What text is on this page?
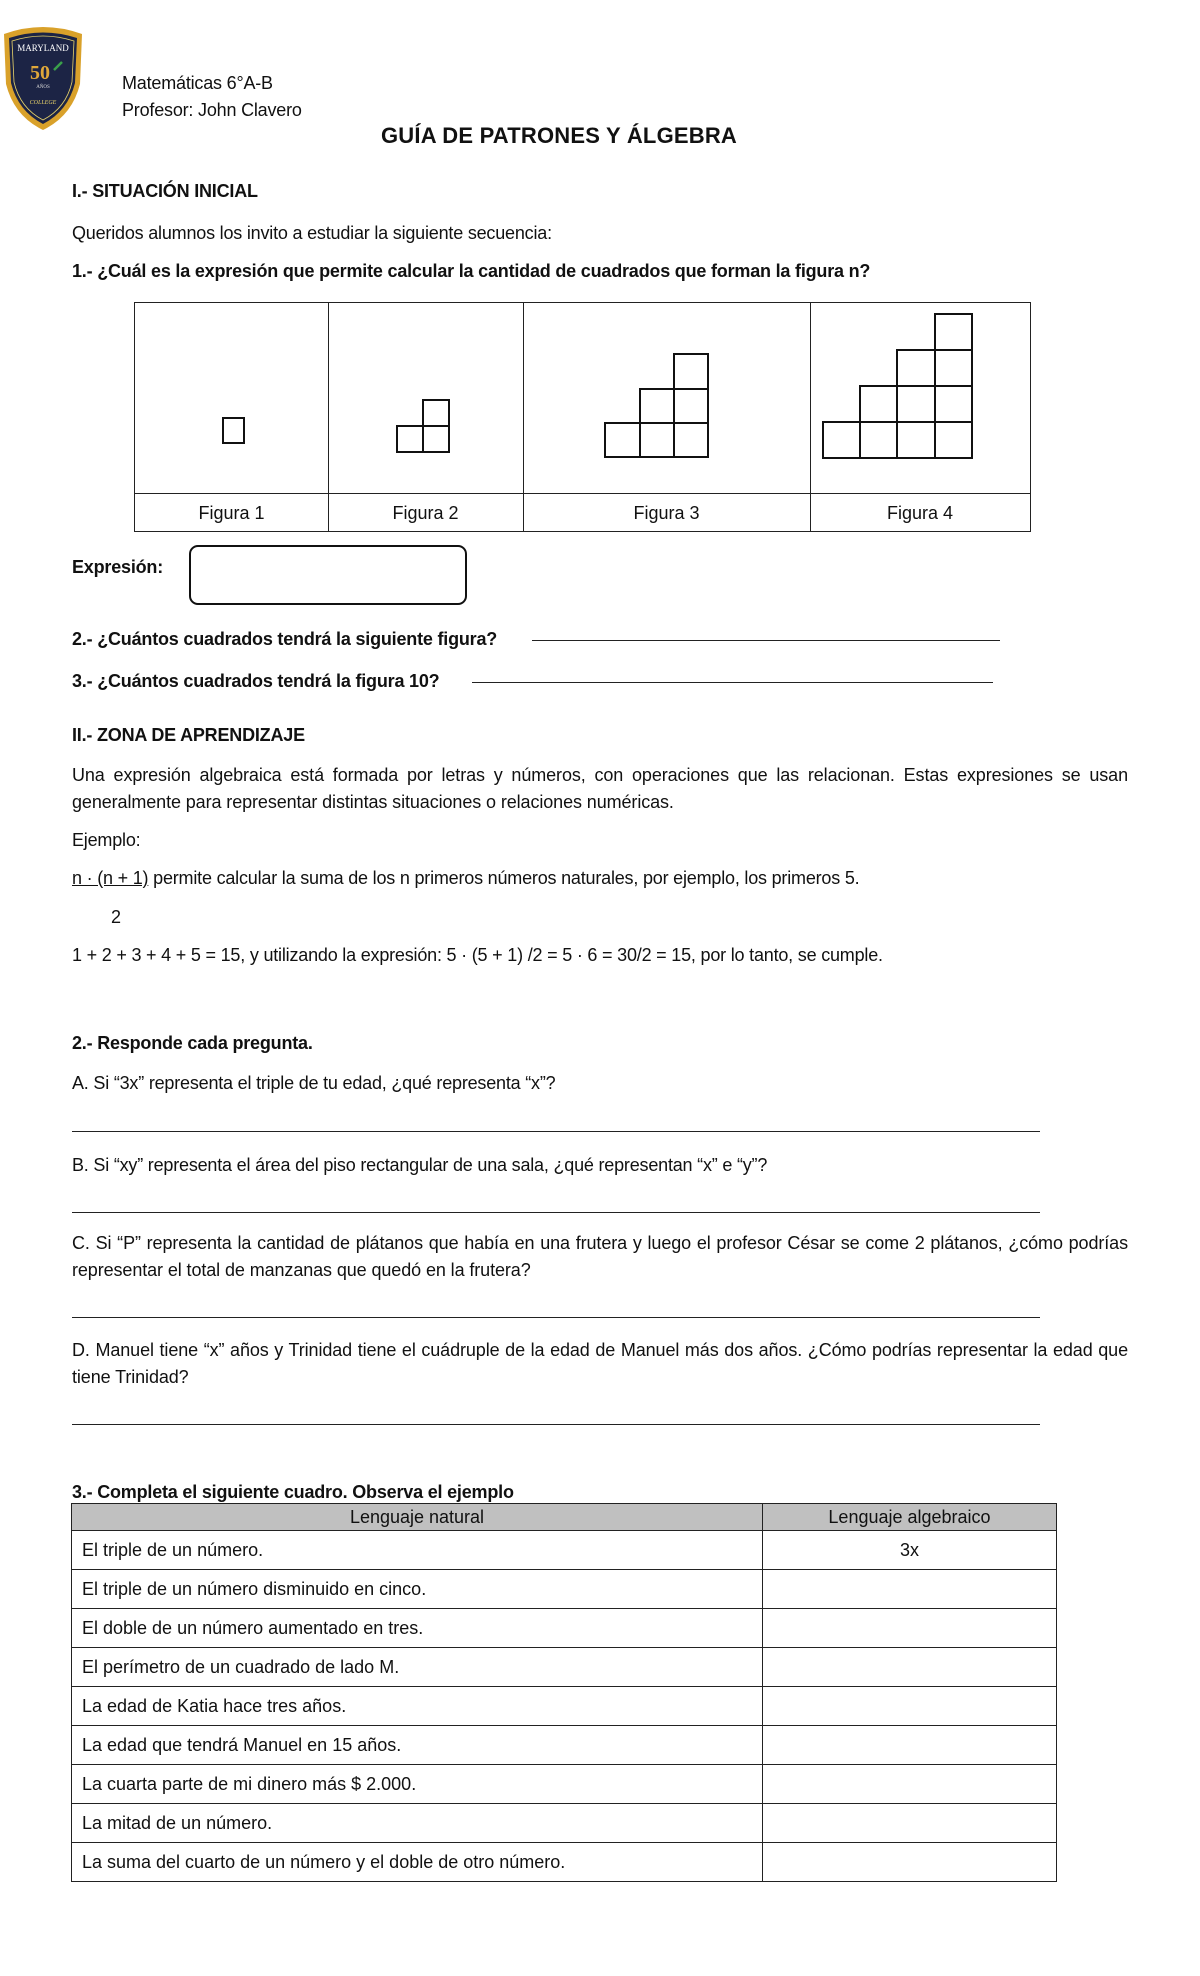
MARYLAND
50
AÑOS
COLLEGE
Matemáticas 6°A-B
Profesor: John Clavero
GUÍA DE PATRONES Y ÁLGEBRA
I.- SITUACIÓN INICIAL
Queridos alumnos los invito a estudiar la siguiente secuencia:
1.- ¿Cuál es la expresión que permite calcular la cantidad de cuadrados que forman la figura n?
Figura 1	Figura 2	Figura 3	Figura 4
Expresión:
2.- ¿Cuántos cuadrados tendrá la siguiente figura?
3.- ¿Cuántos cuadrados tendrá la figura 10?
II.- ZONA DE APRENDIZAJE
Una expresión algebraica está formada por letras y números, con operaciones que las relacionan. Estas expresiones se usan generalmente para representar distintas situaciones o relaciones numéricas.
Ejemplo:
n · (n + 1) permite calcular la suma de los n primeros números naturales, por ejemplo, los primeros 5.
2
1 + 2 + 3 + 4 + 5 = 15, y utilizando la expresión: 5 · (5 + 1) /2 = 5 · 6 = 30/2 = 15, por lo tanto, se cumple.
2.- Responde cada pregunta.
A. Si “3x” representa el triple de tu edad, ¿qué representa “x”?
B. Si “xy” representa el área del piso rectangular de una sala, ¿qué representan “x” e “y”?
C. Si “P” representa la cantidad de plátanos que había en una frutera y luego el profesor César se come 2 plátanos, ¿cómo podrías representar el total de manzanas que quedó en la frutera?
D. Manuel tiene “x” años y Trinidad tiene el cuádruple de la edad de Manuel más dos años. ¿Cómo podrías representar la edad que tiene Trinidad?
3.- Completa el siguiente cuadro. Observa el ejemplo
Lenguaje natural	Lenguaje algebraico
El triple de un número.	3x
El triple de un número disminuido en cinco.	
El doble de un número aumentado en tres.	
El perímetro de un cuadrado de lado M.	
La edad de Katia hace tres años.	
La edad que tendrá Manuel en 15 años.	
La cuarta parte de mi dinero más $ 2.000.	
La mitad de un número.	
La suma del cuarto de un número y el doble de otro número.	
